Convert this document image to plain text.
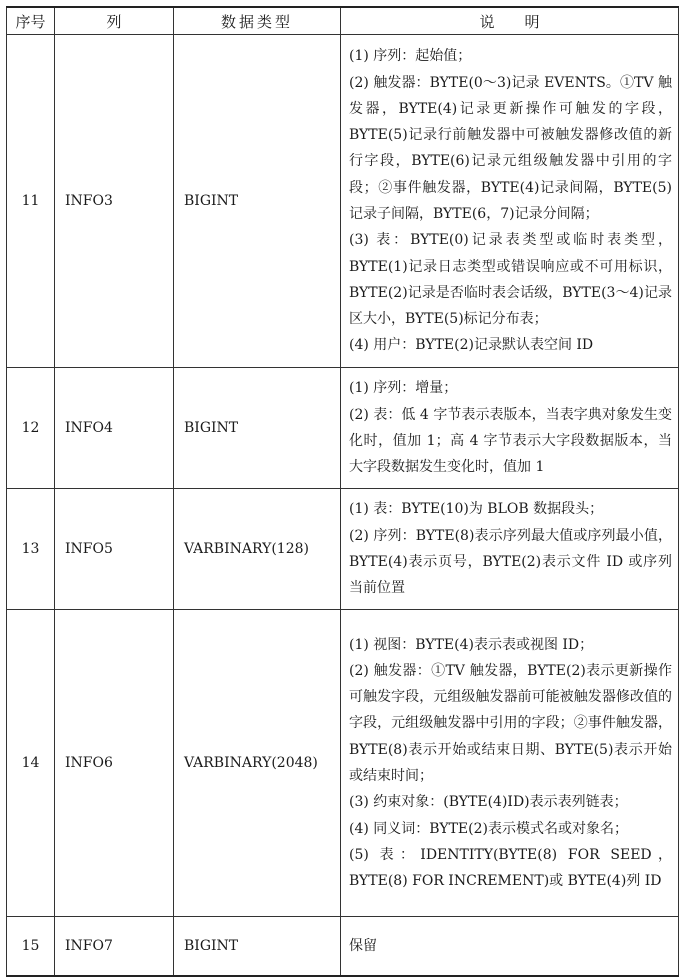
序号	列	数据类型	说明
11	INFO3	BIGINT	(1) 序列：起始值；
(2) 触发器：BYTE(0～3)记录 EVENTS。①TV 触发器，BYTE(4)记录更新操作可触发的字段，BYTE(5)记录行前触发器中可被触发器修改值的新行字段，BYTE(6)记录元组级触发器中引用的字段；②事件触发器，BYTE(4)记录间隔，BYTE(5)记录子间隔，BYTE(6，7)记录分间隔；
(3) 表：BYTE(0)记录表类型或临时表类型，BYTE(1)记录日志类型或错误响应或不可用标识，BYTE(2)记录是否临时表会话级，BYTE(3～4)记录区大小，BYTE(5)标记分布表；
(4) 用户：BYTE(2)记录默认表空间 ID

12	INFO4	BIGINT	(1) 序列：增量；
(2) 表：低 4 字节表示表版本，当表字典对象发生变化时，值加 1；高 4 字节表示大字段数据版本，当大字段数据发生变化时，值加 1

13	INFO5	VARBINARY(128)	(1) 表：BYTE(10)为 BLOB 数据段头；
(2) 序列：BYTE(8)表示序列最大值或序列最小值，BYTE(4)表示页号，BYTE(2)表示文件 ID 或序列当前位置

14	INFO6	VARBINARY(2048)	(1) 视图：BYTE(4)表示表或视图 ID；
(2) 触发器：①TV 触发器，BYTE(2)表示更新操作可触发字段，元组级触发器前可能被触发器修改值的字段，元组级触发器中引用的字段；②事件触发器，BYTE(8)表示开始或结束日期、BYTE(5)表示开始或结束时间；
(3) 约束对象：(BYTE(4)ID)表示表列链表；
(4) 同义词：BYTE(2)表示模式名或对象名；
(5) 表：IDENTITY(BYTE(8) FOR SEED，BYTE(8) FOR INCREMENT)或 BYTE(4)列 ID

15	INFO7	BIGINT	保留
